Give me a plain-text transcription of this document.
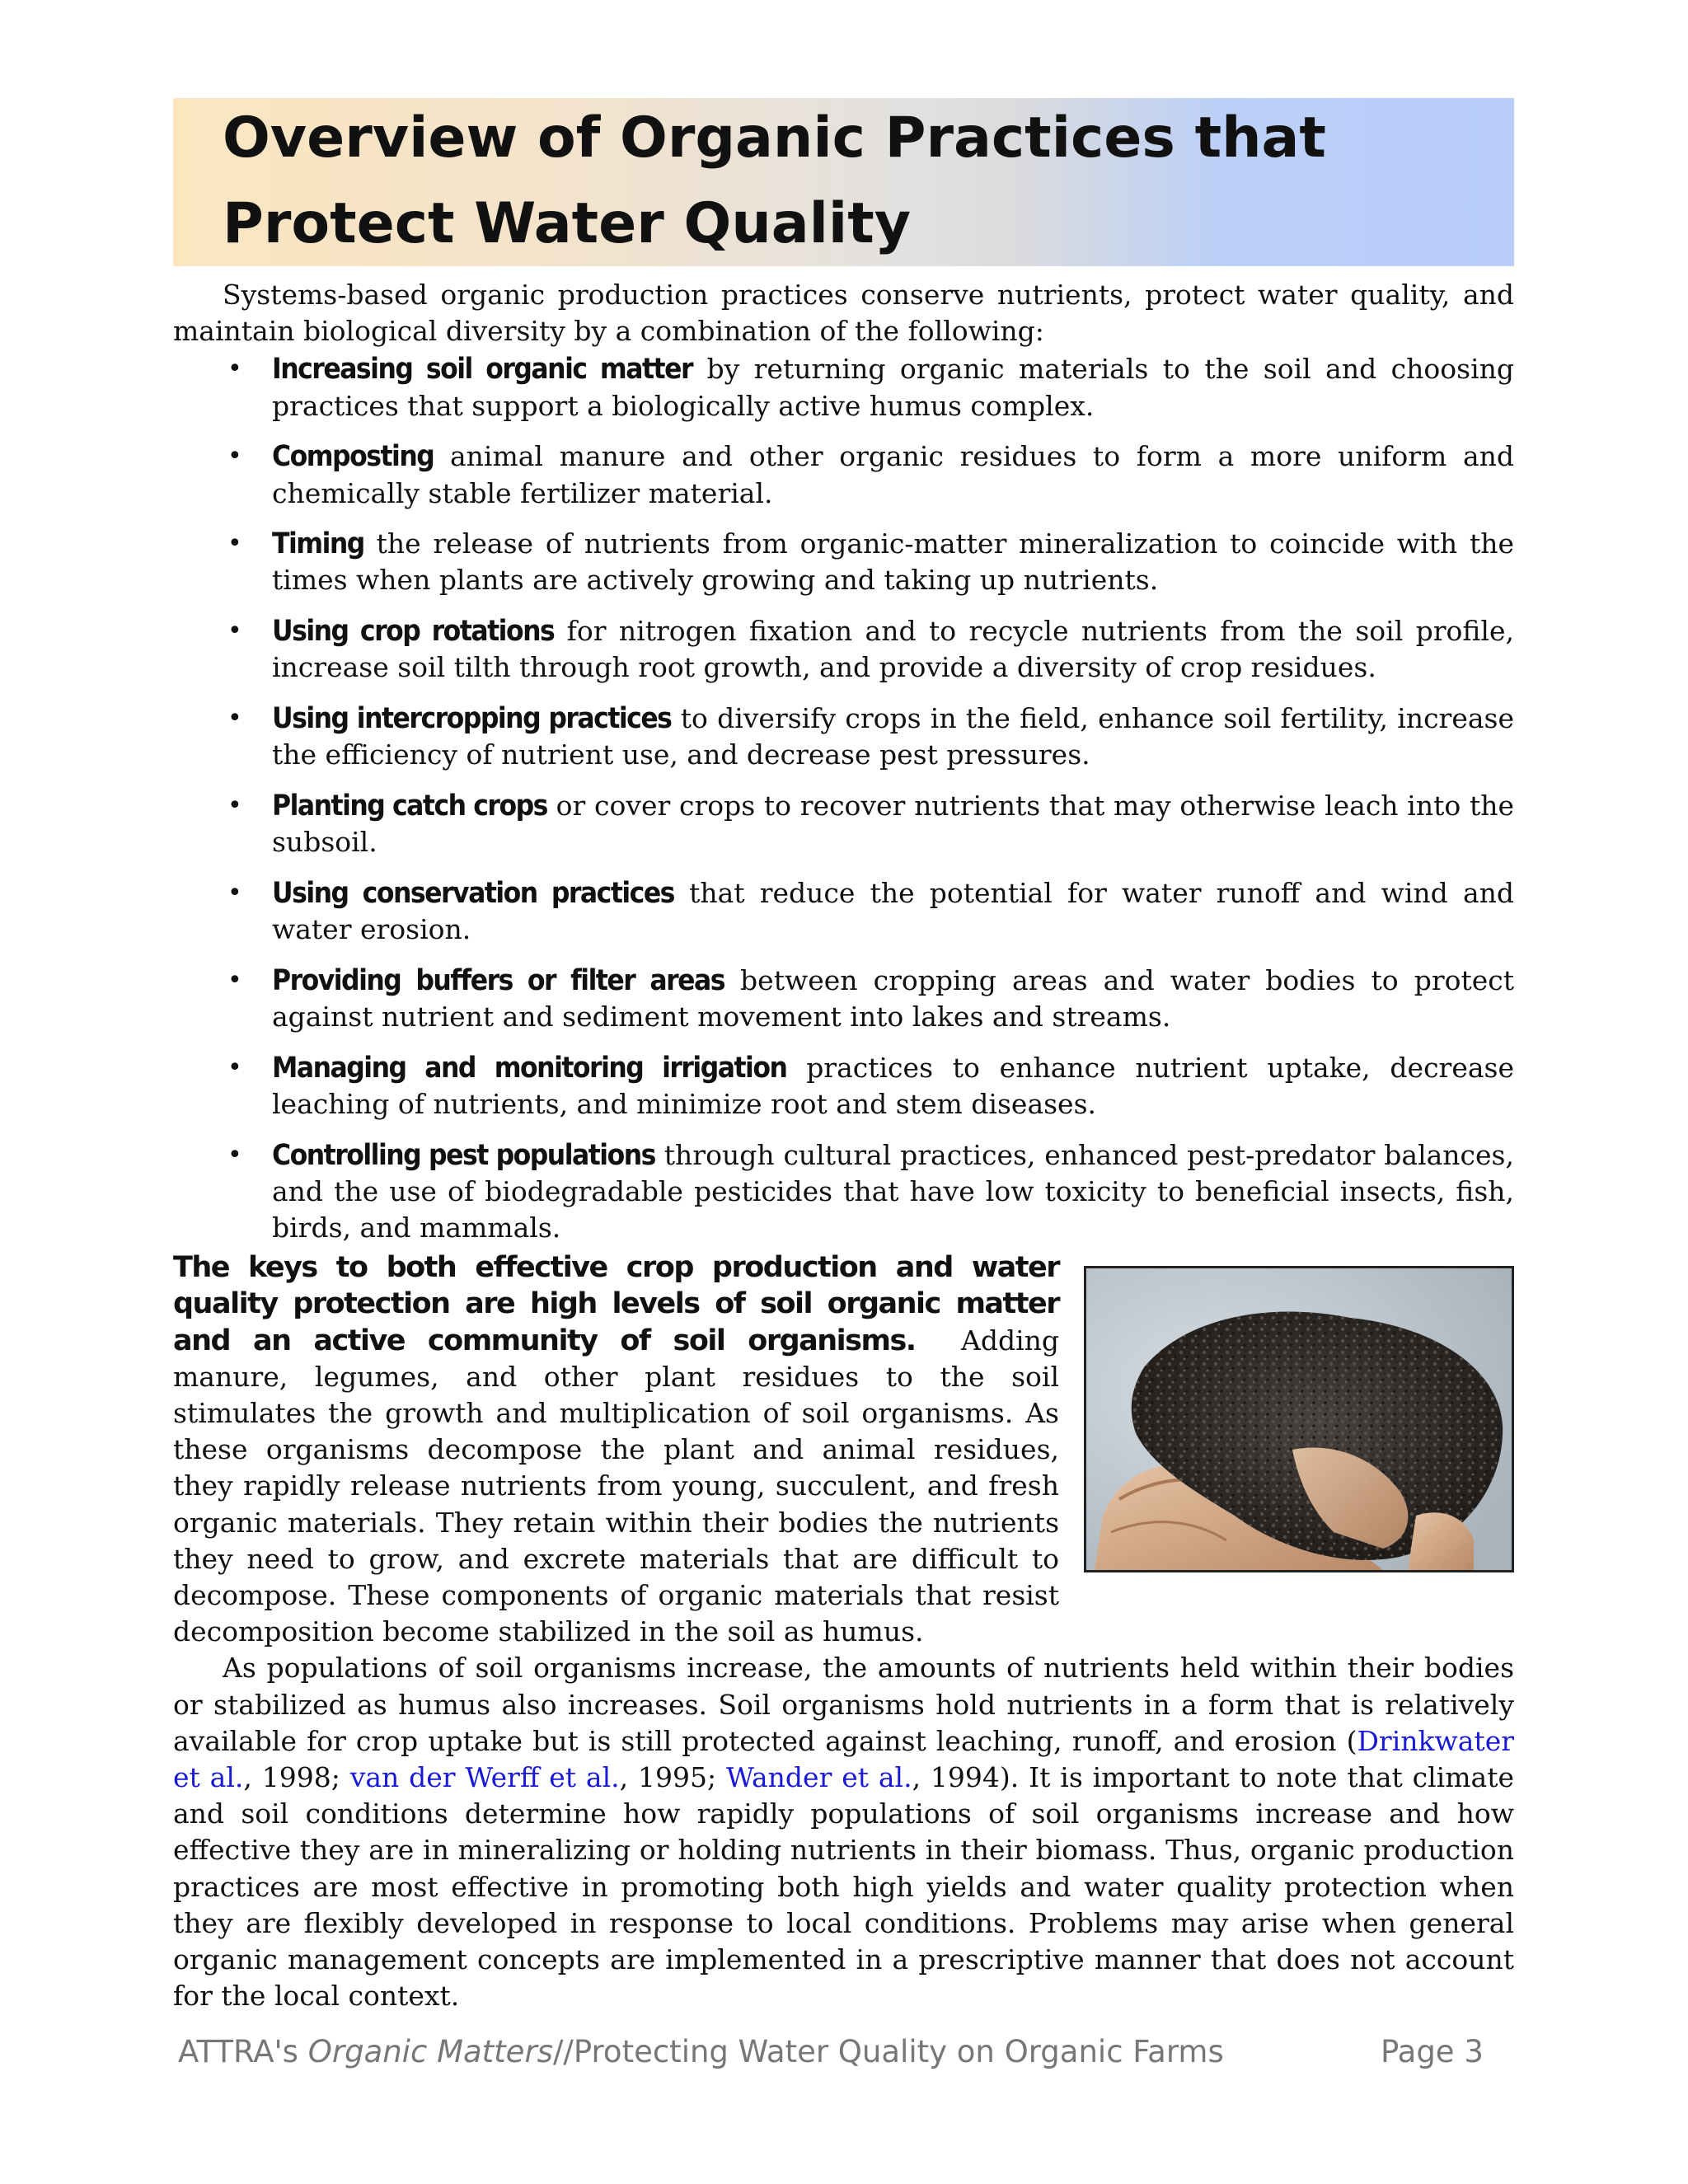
Overview of Organic Practices that Protect Water Quality

Systems-based organic production practices conserve nutrients, protect water quality, and maintain biological diversity by a combination of the following:

• Increasing soil organic matter by returning organic materials to the soil and choosing practices that support a biologically active humus complex.
• Composting animal manure and other organic residues to form a more uniform and chemically stable fertilizer material.
• Timing the release of nutrients from organic-matter mineralization to coincide with the times when plants are actively growing and taking up nutrients.
• Using crop rotations for nitrogen fixation and to recycle nutrients from the soil profile, increase soil tilth through root growth, and provide a diversity of crop residues.
• Using intercropping practices to diversify crops in the field, enhance soil fertility, increase the efficiency of nutrient use, and decrease pest pressures.
• Planting catch crops or cover crops to recover nutrients that may otherwise leach into the subsoil.
• Using conservation practices that reduce the potential for water runoff and wind and water erosion.
• Providing buffers or filter areas between cropping areas and water bodies to protect against nutrient and sediment movement into lakes and streams.
• Managing and monitoring irrigation practices to enhance nutrient uptake, decrease leaching of nutrients, and minimize root and stem diseases.
• Controlling pest populations through cultural practices, enhanced pest-predator balances, and the use of biodegradable pesticides that have low toxicity to beneficial insects, fish, birds, and mammals.

The keys to both effective crop production and water quality protection are high levels of soil organic matter and an active community of soil organisms. Adding manure, legumes, and other plant residues to the soil stimulates the growth and multiplication of soil organisms. As these organisms decompose the plant and animal residues, they rapidly release nutrients from young, succulent, and fresh organic materials. They retain within their bodies the nutrients they need to grow, and excrete materials that are difficult to decompose. These components of organic materials that resist decomposition become stabilized in the soil as humus.

As populations of soil organisms increase, the amounts of nutrients held within their bodies or stabilized as humus also increases. Soil organisms hold nutrients in a form that is relatively available for crop uptake but is still protected against leaching, runoff, and erosion (Drinkwater et al., 1998; van der Werff et al., 1995; Wander et al., 1994). It is important to note that climate and soil conditions determine how rapidly populations of soil organisms increase and how effective they are in mineralizing or holding nutrients in their biomass. Thus, organic production practices are most effective in promoting both high yields and water quality protection when they are flexibly developed in response to local conditions. Problems may arise when general organic management concepts are implemented in a prescriptive manner that does not account for the local context.

ATTRA's Organic Matters//Protecting Water Quality on Organic Farms	Page 3
